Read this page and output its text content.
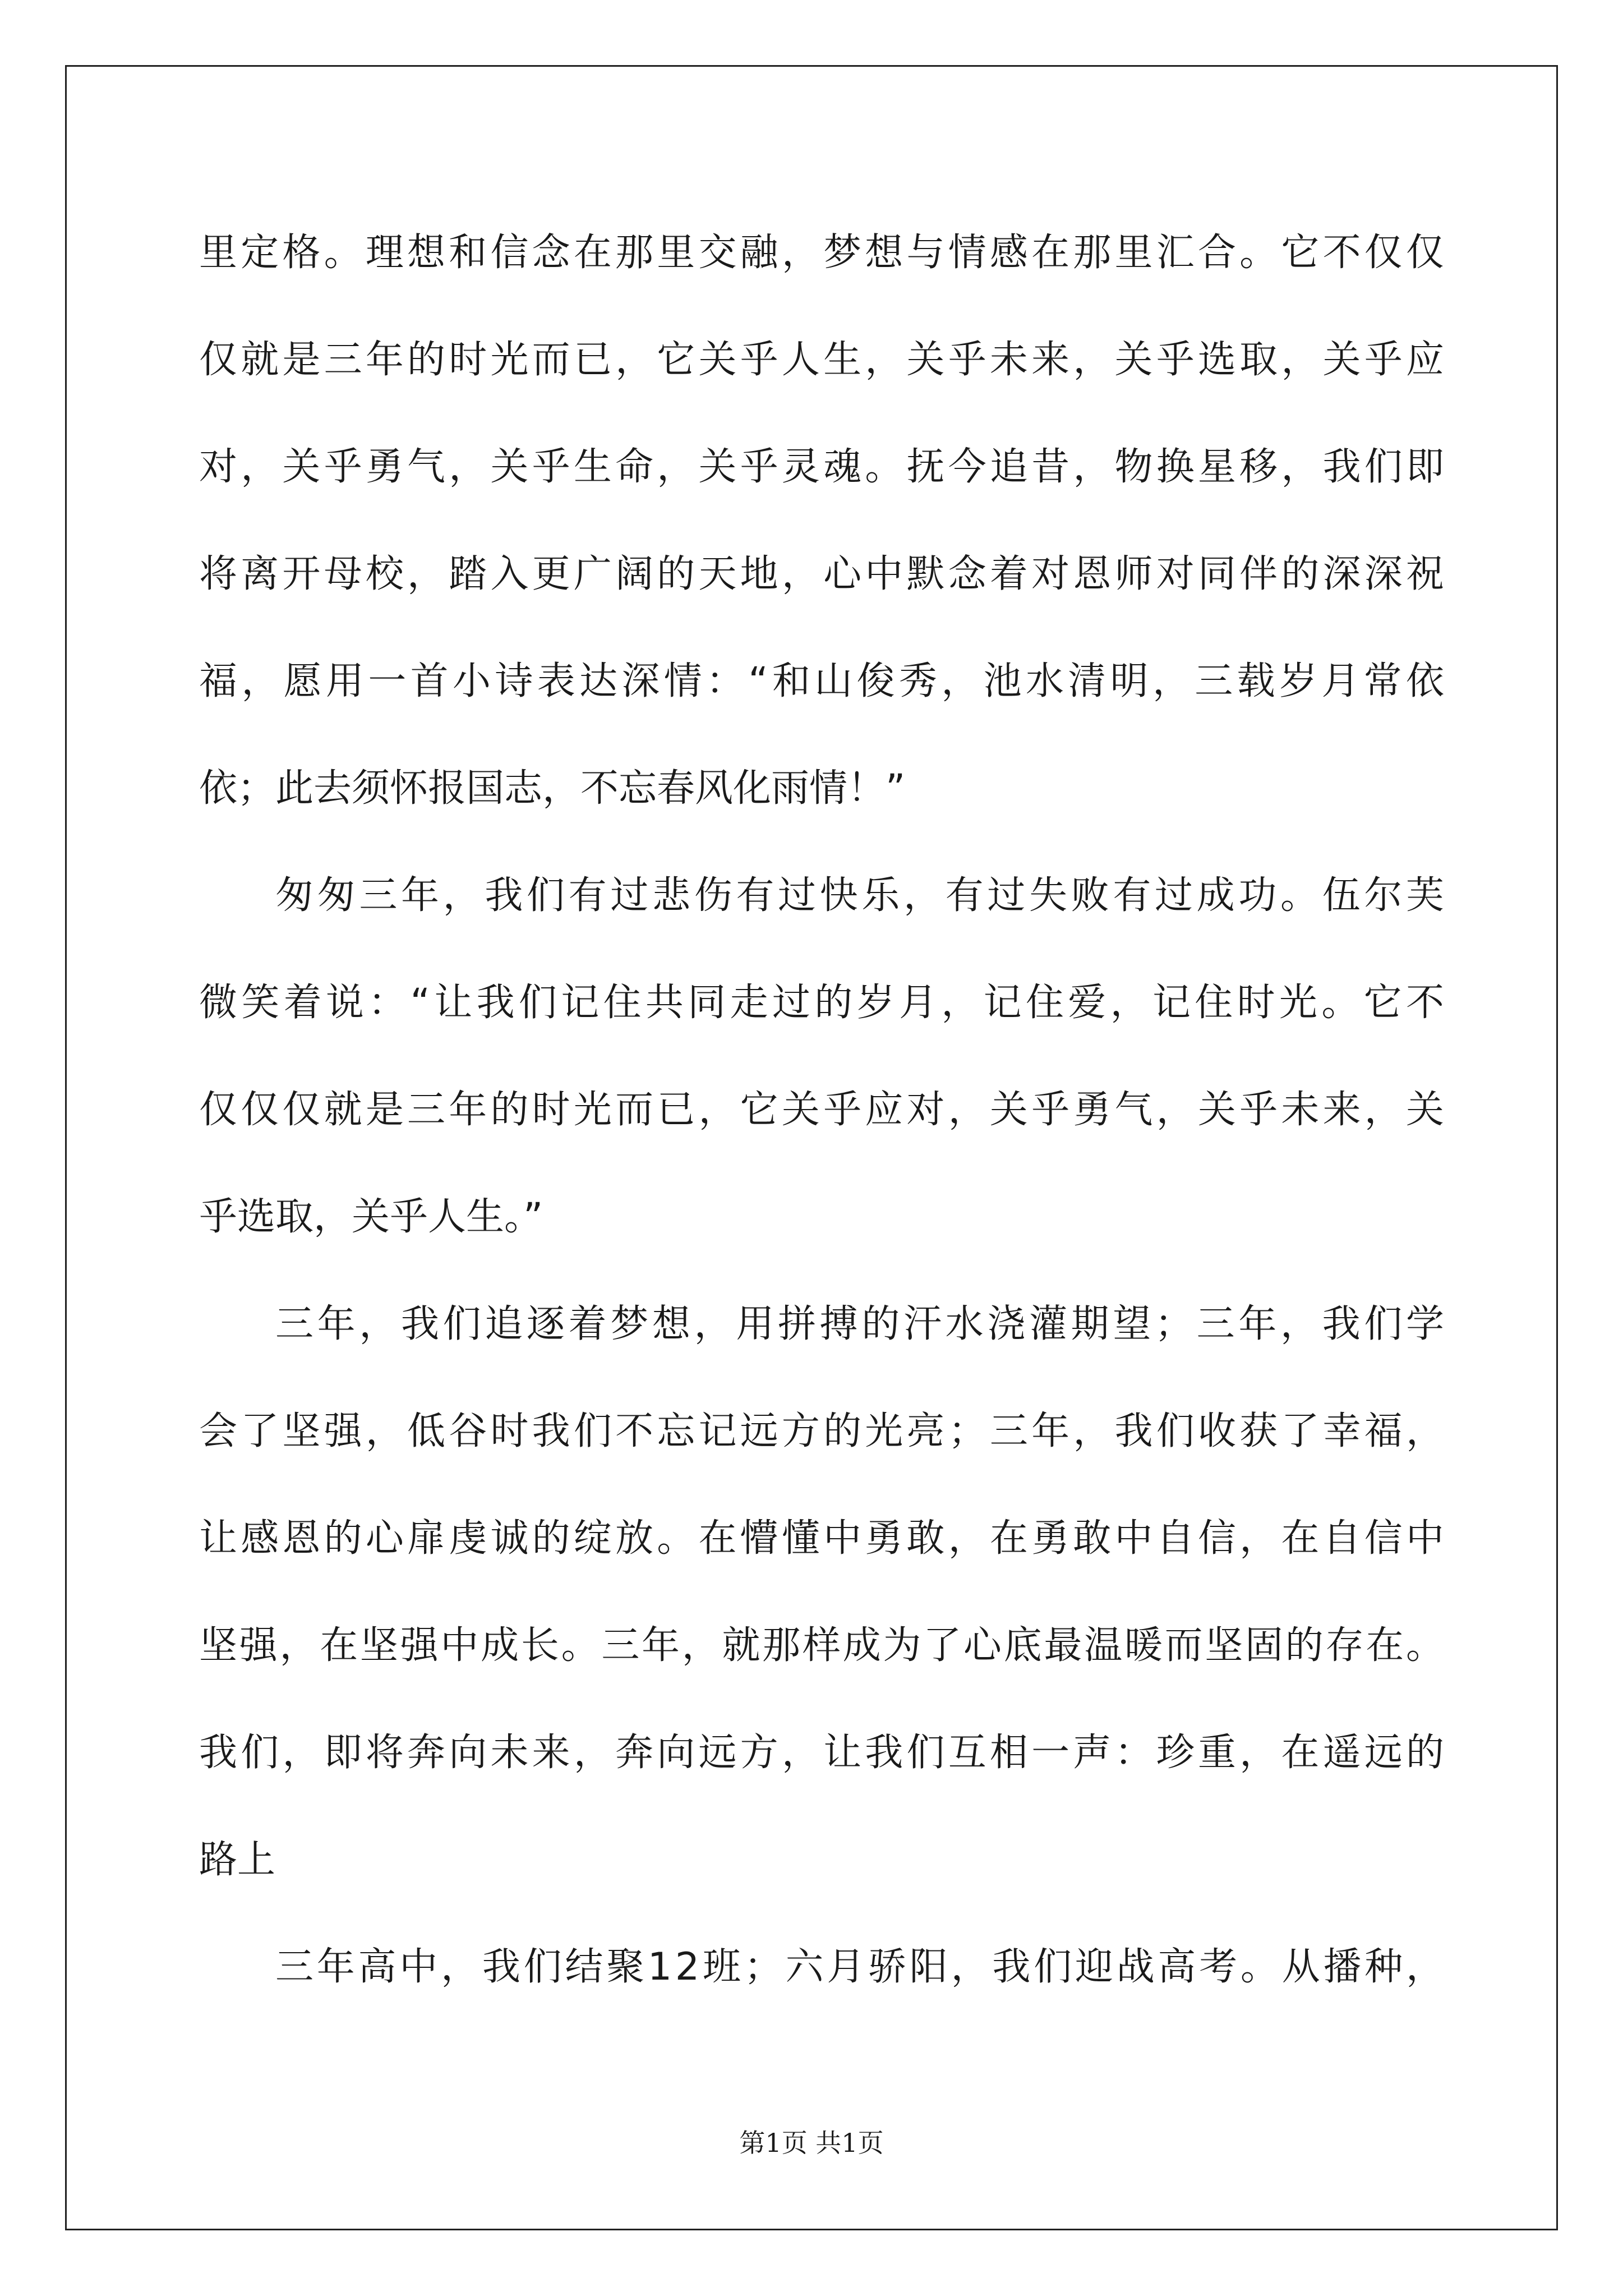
里定格。理想和信念在那里交融，梦想与情感在那里汇合。它不仅仅
仅就是三年的时光而已，它关乎人生，关乎未来，关乎选取，关乎应
对，关乎勇气，关乎生命，关乎灵魂。抚今追昔，物换星移，我们即
将离开母校，踏入更广阔的天地，心中默念着对恩师对同伴的深深祝
福，愿用一首小诗表达深情：“和山俊秀，池水清明，三载岁月常依
依；此去须怀报国志，不忘春风化雨情！”
匆匆三年，我们有过悲伤有过快乐，有过失败有过成功。伍尔芙
微笑着说：“让我们记住共同走过的岁月，记住爱，记住时光。它不
仅仅仅就是三年的时光而已，它关乎应对，关乎勇气，关乎未来，关
乎选取，关乎人生。”
三年，我们追逐着梦想，用拼搏的汗水浇灌期望；三年，我们学
会了坚强，低谷时我们不忘记远方的光亮；三年，我们收获了幸福，
让感恩的心扉虔诚的绽放。在懵懂中勇敢，在勇敢中自信，在自信中
坚强，在坚强中成长。三年，就那样成为了心底最温暖而坚固的存在。
我们，即将奔向未来，奔向远方，让我们互相一声：珍重，在遥远的
路上
三年高中，我们结聚12班；六月骄阳，我们迎战高考。从播种，
第1页 共1页
